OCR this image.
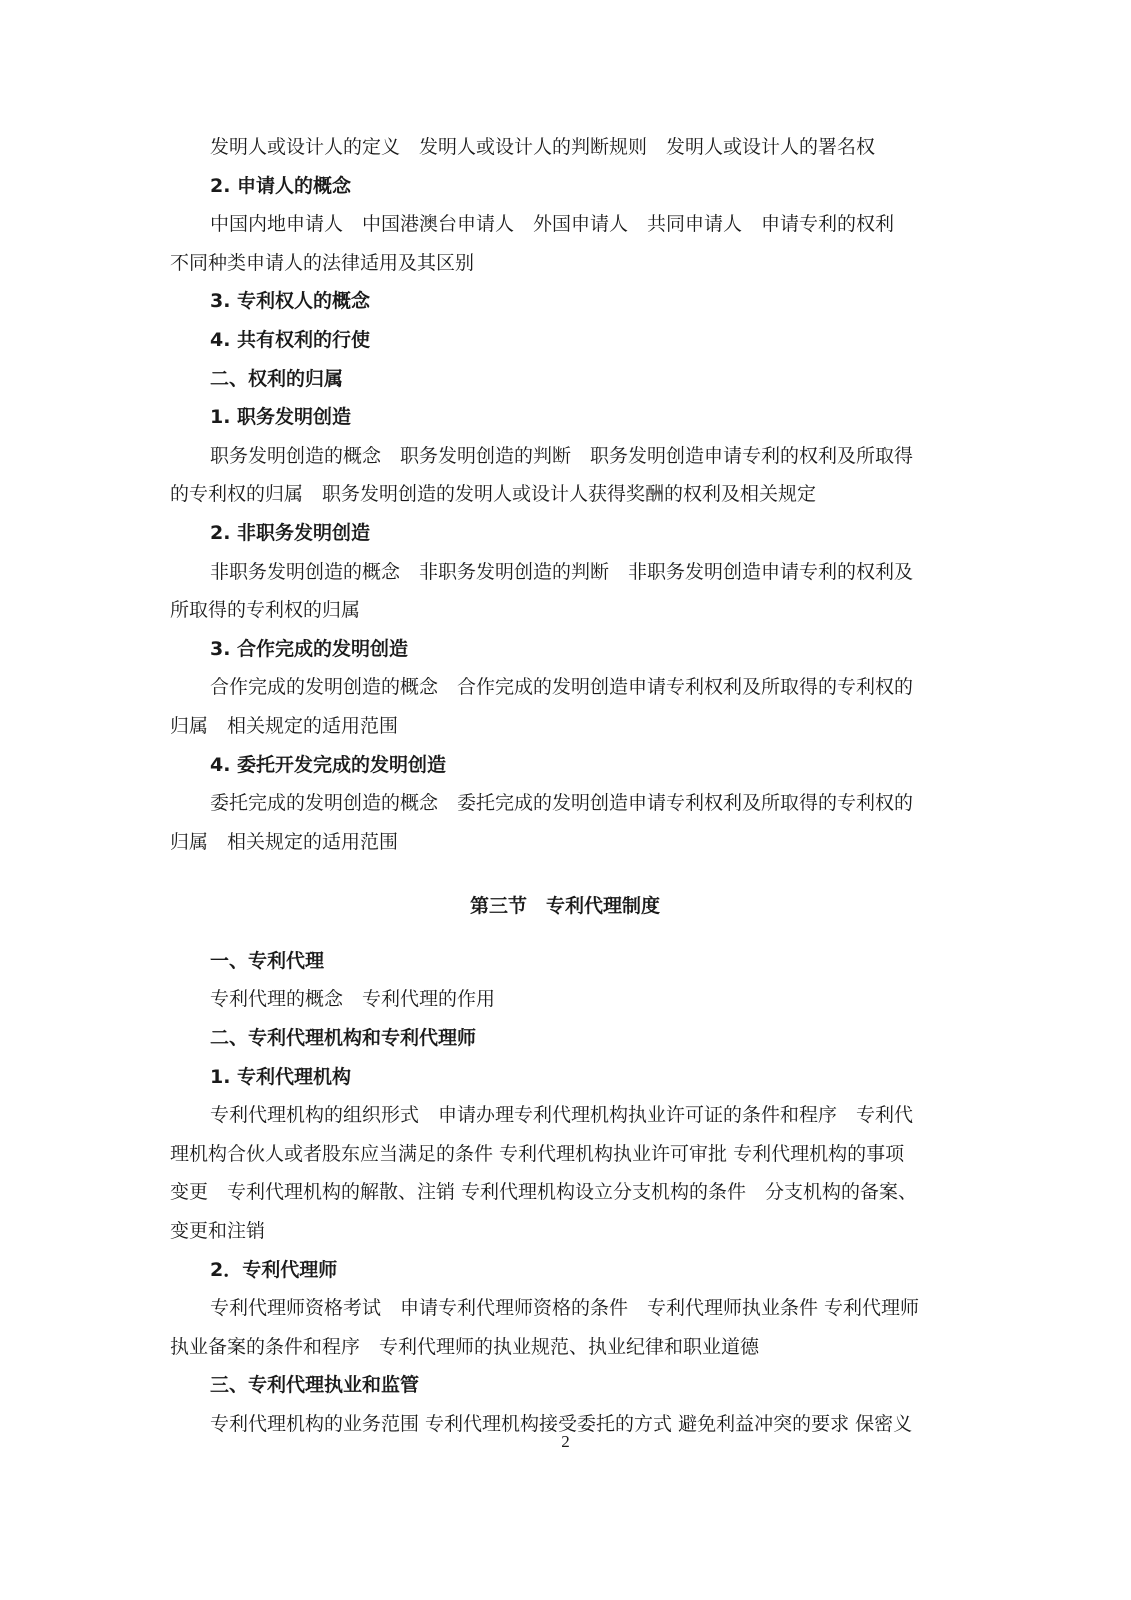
发明人或设计人的定义　发明人或设计人的判断规则　发明人或设计人的署名权
2. 申请人的概念
中国内地申请人　中国港澳台申请人　外国申请人　共同申请人　申请专利的权利
不同种类申请人的法律适用及其区别
3. 专利权人的概念
4. 共有权利的行使
二、权利的归属
1. 职务发明创造
职务发明创造的概念　职务发明创造的判断　职务发明创造申请专利的权利及所取得
的专利权的归属　职务发明创造的发明人或设计人获得奖酬的权利及相关规定
2. 非职务发明创造
非职务发明创造的概念　非职务发明创造的判断　非职务发明创造申请专利的权利及
所取得的专利权的归属
3. 合作完成的发明创造
合作完成的发明创造的概念　合作完成的发明创造申请专利权利及所取得的专利权的
归属　相关规定的适用范围
4. 委托开发完成的发明创造
委托完成的发明创造的概念　委托完成的发明创造申请专利权利及所取得的专利权的
归属　相关规定的适用范围
第三节　专利代理制度
一、专利代理
专利代理的概念　专利代理的作用
二、专利代理机构和专利代理师
1. 专利代理机构
专利代理机构的组织形式　申请办理专利代理机构执业许可证的条件和程序　专利代
理机构合伙人或者股东应当满足的条件 专利代理机构执业许可审批 专利代理机构的事项
变更　专利代理机构的解散、注销 专利代理机构设立分支机构的条件　分支机构的备案、
变更和注销
2．专利代理师
专利代理师资格考试　申请专利代理师资格的条件　专利代理师执业条件 专利代理师
执业备案的条件和程序　专利代理师的执业规范、执业纪律和职业道德
三、专利代理执业和监管
专利代理机构的业务范围 专利代理机构接受委托的方式 避免利益冲突的要求 保密义
2
